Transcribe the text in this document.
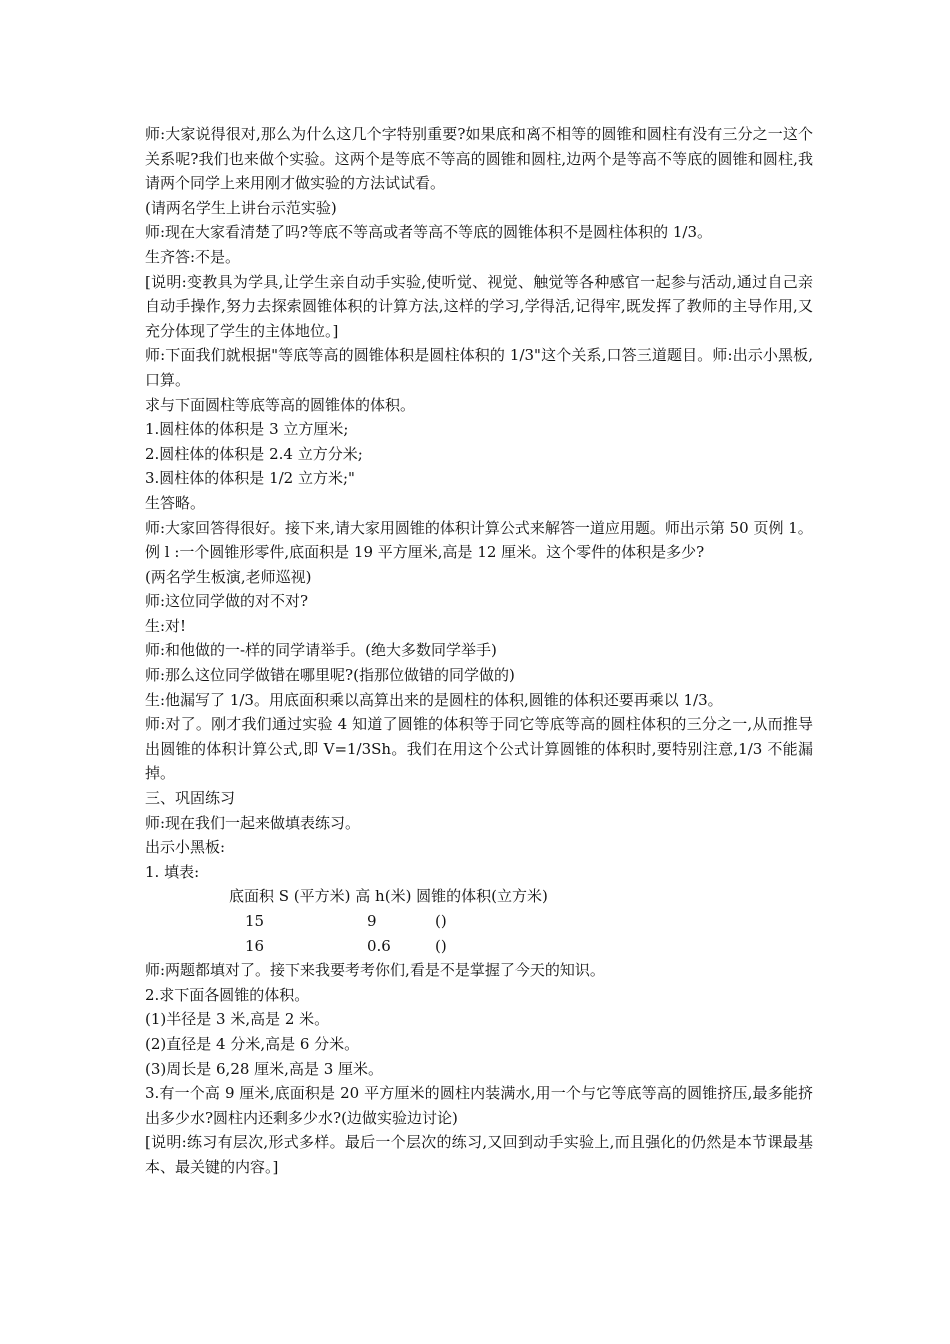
师:大家说得很对,那么为什么这几个字特别重要?如果底和离不相等的圆锥和圆柱有没有三分之一这个关系呢?我们也来做个实验。这两个是等底不等高的圆锥和圆柱,边两个是等高不等底的圆锥和圆柱,我请两个同学上来用刚才做实验的方法试试看。

(请两名学生上讲台示范实验)

师:现在大家看清楚了吗?等底不等高或者等高不等底的圆锥体积不是圆柱体积的 1/3。

生齐答:不是。

[说明:变教具为学具,让学生亲自动手实验,使听觉、视觉、触觉等各种感官一起参与活动,通过自己亲自动手操作,努力去探索圆锥体积的计算方法,这样的学习,学得活,记得牢,既发挥了教师的主导作用,又充分体现了学生的主体地位。]

师:下面我们就根据"等底等高的圆锥体积是圆柱体积的 1/3"这个关系,口答三道题目。师:出示小黑板,口算。

求与下面圆柱等底等高的圆锥体的体积。

1.圆柱体的体积是 3 立方厘米;

2.圆柱体的体积是 2.4 立方分米;

3.圆柱体的体积是 1/2 立方米;"

生答略。

师:大家回答得很好。接下来,请大家用圆锥的体积计算公式来解答一道应用题。师出示第 50 页例 1。

例 l :一个圆锥形零件,底面积是 19 平方厘米,高是 12 厘米。这个零件的体积是多少?

(两名学生板演,老师巡视)

师:这位同学做的对不对?

生:对!

师:和他做的一-样的同学请举手。(绝大多数同学举手)

师:那么这位同学做错在哪里呢?(指那位做错的同学做的)

生:他漏写了 1/3。用底面积乘以高算出来的是圆柱的体积,圆锥的体积还要再乘以 1/3。

师:对了。刚才我们通过实验 4 知道了圆锥的体积等于同它等底等高的圆柱体积的三分之一,从而推导出圆锥的体积计算公式,即 V=1/3Sh。我们在用这个公式计算圆锥的体积时,要特别注意,1/3 不能漏掉。

三、巩固练习

师:现在我们一起来做填表练习。

出示小黑板:

1. 填表:

底面积 S (平方米) 高 h(米) 圆锥的体积(立方米)
15	9	()
16	0.6	()

师:两题都填对了。接下来我要考考你们,看是不是掌握了今天的知识。

2.求下面各圆锥的体积。

(1)半径是 3 米,高是 2 米。

(2)直径是 4 分米,高是 6 分米。

(3)周长是 6,28 厘米,高是 3 厘米。

3.有一个高 9 厘米,底面积是 20 平方厘米的圆柱内装满水,用一个与它等底等高的圆锥挤压,最多能挤出多少水?圆柱内还剩多少水?(边做实验边讨论)

[说明:练习有层次,形式多样。最后一个层次的练习,又回到动手实验上,而且强化的仍然是本节课最基本、最关键的内容。]
